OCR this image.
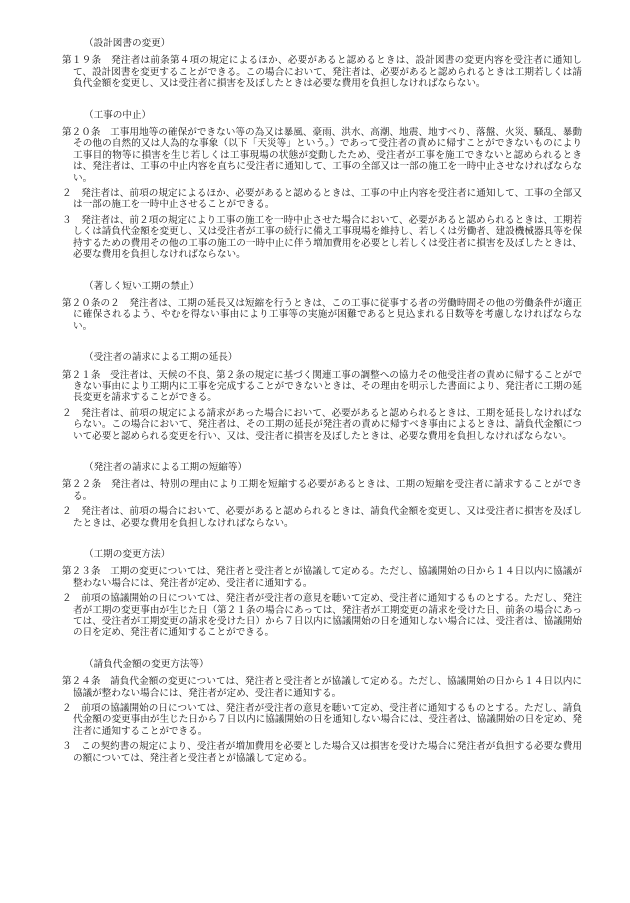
（設計図書の変更）
第１９条　発注者は前条第４項の規定によるほか、必要があると認めるときは、設計図書の変更内容を受注者に通知して、設計図書を変更することができる。この場合において、発注者は、必要があると認められるときは工期若しくは請負代金額を変更し、又は受注者に損害を及ぼしたときは必要な費用を負担しなければならない。
（工事の中止）
第２０条　工事用地等の確保ができない等の為又は暴風、豪雨、洪水、高潮、地震、地すべり、落盤、火災、騒乱、暴動その他の自然的又は人為的な事象（以下「天災等」という。）であって受注者の責めに帰すことができないものにより工事目的物等に損害を生じ若しくは工事現場の状態が変動したため、受注者が工事を施工できないと認められるときは、発注者は、工事の中止内容を直ちに受注者に通知して、工事の全部又は一部の施工を一時中止させなければならない。
２　発注者は、前項の規定によるほか、必要があると認めるときは、工事の中止内容を受注者に通知して、工事の全部又は一部の施工を一時中止させることができる。
３　発注者は、前２項の規定により工事の施工を一時中止させた場合において、必要があると認められるときは、工期若しくは請負代金額を変更し、又は受注者が工事の続行に備え工事現場を維持し、若しくは労働者、建設機械器具等を保持するための費用その他の工事の施工の一時中止に伴う増加費用を必要とし若しくは受注者に損害を及ぼしたときは、必要な費用を負担しなければならない。
（著しく短い工期の禁止）
第２０条の２　発注者は、工期の延長又は短縮を行うときは、この工事に従事する者の労働時間その他の労働条件が適正に確保されるよう、やむを得ない事由により工事等の実施が困難であると見込まれる日数等を考慮しなければならない。
（受注者の請求による工期の延長）
第２１条　受注者は、天候の不良、第２条の規定に基づく関連工事の調整への協力その他受注者の責めに帰することができない事由により工期内に工事を完成することができないときは、その理由を明示した書面により、発注者に工期の延長変更を請求することができる。
２　発注者は、前項の規定による請求があった場合において、必要があると認められるときは、工期を延長しなければならない。この場合において、発注者は、その工期の延長が発注者の責めに帰すべき事由によるときは、請負代金額について必要と認められる変更を行い、又は、受注者に損害を及ぼしたときは、必要な費用を負担しなければならない。
（発注者の請求による工期の短縮等）
第２２条　発注者は、特別の理由により工期を短縮する必要があるときは、工期の短縮を受注者に請求することができる。
２　発注者は、前項の場合において、必要があると認められるときは、請負代金額を変更し、又は受注者に損害を及ぼしたときは、必要な費用を負担しなければならない。
（工期の変更方法）
第２３条　工期の変更については、発注者と受注者とが協議して定める。ただし、協議開始の日から１４日以内に協議が整わない場合には、発注者が定め、受注者に通知する。
２　前項の協議開始の日については、発注者が受注者の意見を聴いて定め、受注者に通知するものとする。ただし、発注者が工期の変更事由が生じた日（第２１条の場合にあっては、発注者が工期変更の請求を受けた日、前条の場合にあっては、受注者が工期変更の請求を受けた日）から７日以内に協議開始の日を通知しない場合には、受注者は、協議開始の日を定め、発注者に通知することができる。
（請負代金額の変更方法等）
第２４条　請負代金額の変更については、発注者と受注者とが協議して定める。ただし、協議開始の日から１４日以内に協議が整わない場合には、発注者が定め、受注者に通知する。
２　前項の協議開始の日については、発注者が受注者の意見を聴いて定め、受注者に通知するものとする。ただし、請負代金額の変更事由が生じた日から７日以内に協議開始の日を通知しない場合には、受注者は、協議開始の日を定め、発注者に通知することができる。
３　この契約書の規定により、受注者が増加費用を必要とした場合又は損害を受けた場合に発注者が負担する必要な費用の額については、発注者と受注者とが協議して定める。
